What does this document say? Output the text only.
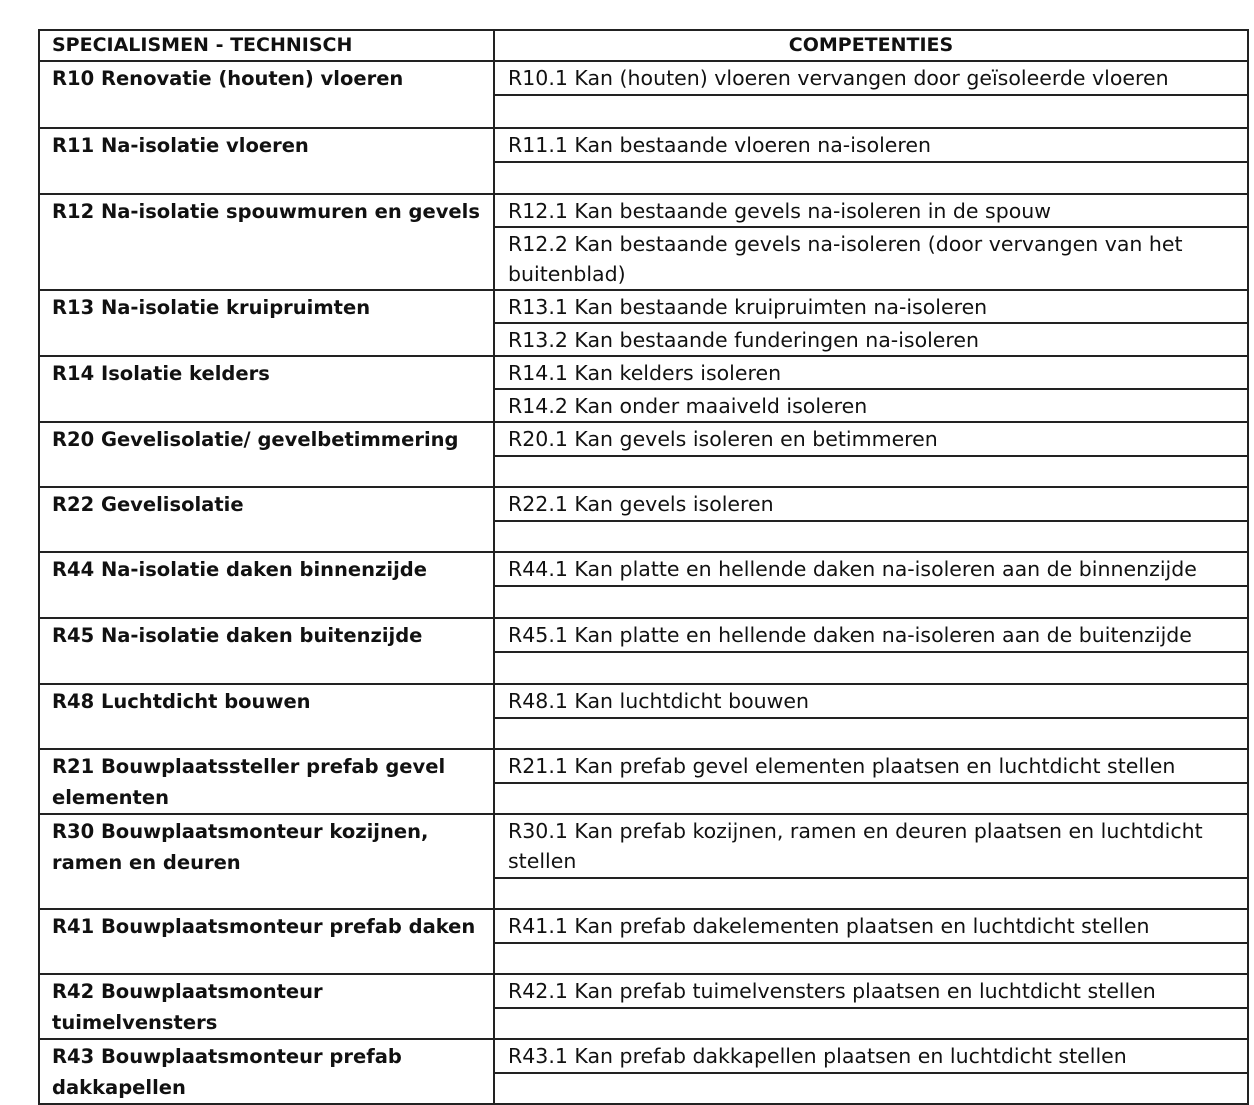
SPECIALISMEN - TECHNISCH	COMPETENTIES
R10 Renovatie (houten) vloeren	R10.1 Kan (houten) vloeren vervangen door geïsoleerde vloeren

R11 Na-isolatie vloeren	R11.1 Kan bestaande vloeren na-isoleren

R12 Na-isolatie spouwmuren en gevels	R12.1 Kan bestaande gevels na-isoleren in de spouw
	R12.2 Kan bestaande gevels na-isoleren (door vervangen van het buitenblad)
R13 Na-isolatie kruipruimten	R13.1 Kan bestaande kruipruimten na-isoleren
	R13.2 Kan bestaande funderingen na-isoleren
R14 Isolatie kelders	R14.1 Kan kelders isoleren
	R14.2 Kan onder maaiveld isoleren
R20 Gevelisolatie/ gevelbetimmering	R20.1 Kan gevels isoleren en betimmeren

R22 Gevelisolatie	R22.1 Kan gevels isoleren

R44 Na-isolatie daken binnenzijde	R44.1 Kan platte en hellende daken na-isoleren aan de binnenzijde

R45 Na-isolatie daken buitenzijde	R45.1 Kan platte en hellende daken na-isoleren aan de buitenzijde

R48 Luchtdicht bouwen	R48.1 Kan luchtdicht bouwen

R21 Bouwplaatssteller prefab gevel elementen	R21.1 Kan prefab gevel elementen plaatsen en luchtdicht stellen

R30 Bouwplaatsmonteur kozijnen, ramen en deuren	R30.1 Kan prefab kozijnen, ramen en deuren plaatsen en luchtdicht stellen

R41 Bouwplaatsmonteur prefab daken	R41.1 Kan prefab dakelementen plaatsen en luchtdicht stellen

R42 Bouwplaatsmonteur tuimelvensters	R42.1 Kan prefab tuimelvensters plaatsen en luchtdicht stellen

R43 Bouwplaatsmonteur prefab dakkapellen	R43.1 Kan prefab dakkapellen plaatsen en luchtdicht stellen
